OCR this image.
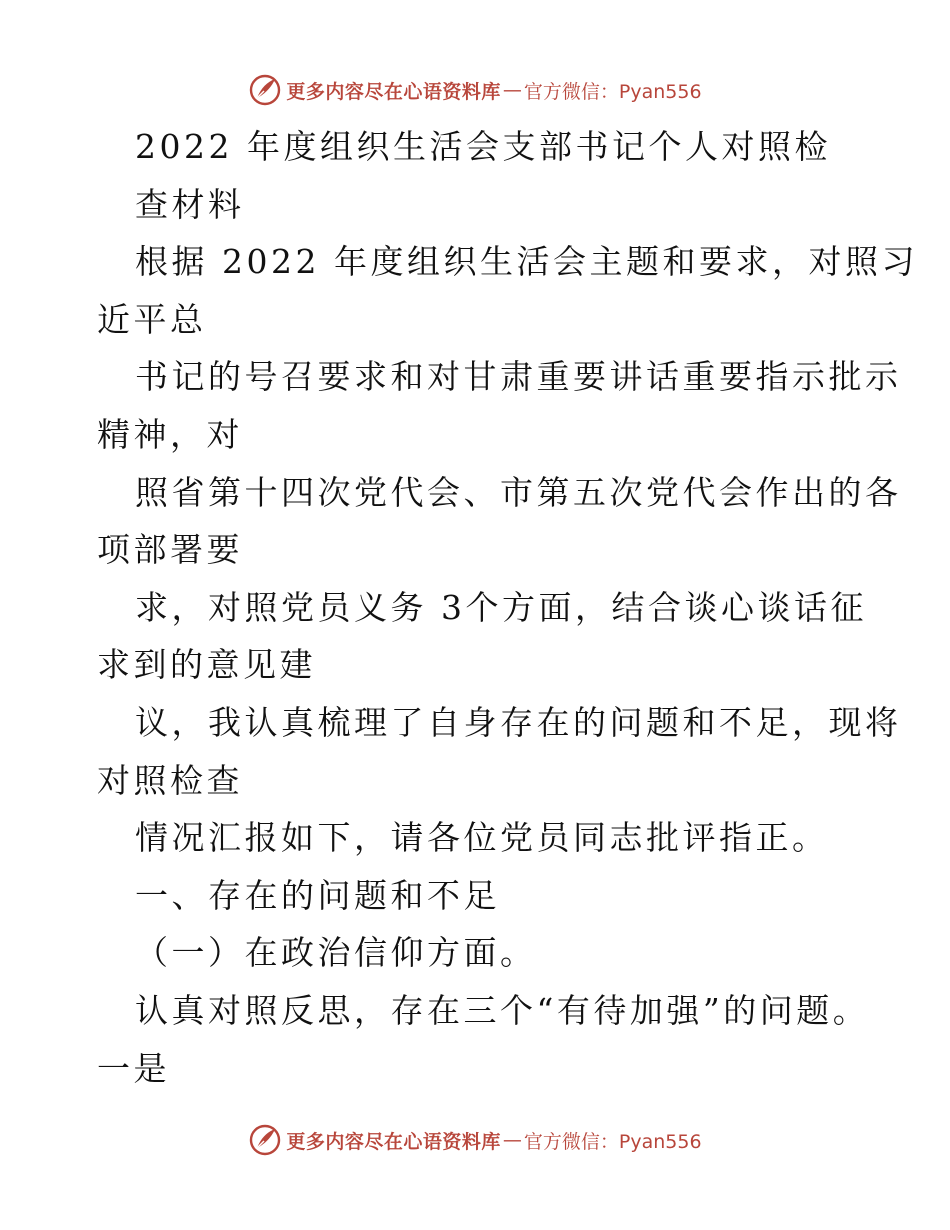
更多内容尽在心语资料库 — 官方微信：Pyan556
2022 年度组织生活会支部书记个人对照检
查材料
根据 2022 年度组织生活会主题和要求，对照习
近平总
书记的号召要求和对甘肃重要讲话重要指示批示
精神，对
照省第十四次党代会、市第五次党代会作出的各
项部署要
求，对照党员义务 3个方面，结合谈心谈话征
求到的意见建
议，我认真梳理了自身存在的问题和不足，现将
对照检查
情况汇报如下，请各位党员同志批评指正。
一、存在的问题和不足
（一）在政治信仰方面。
认真对照反思，存在三个“有待加强”的问题。
一是
更多内容尽在心语资料库 — 官方微信：Pyan556
